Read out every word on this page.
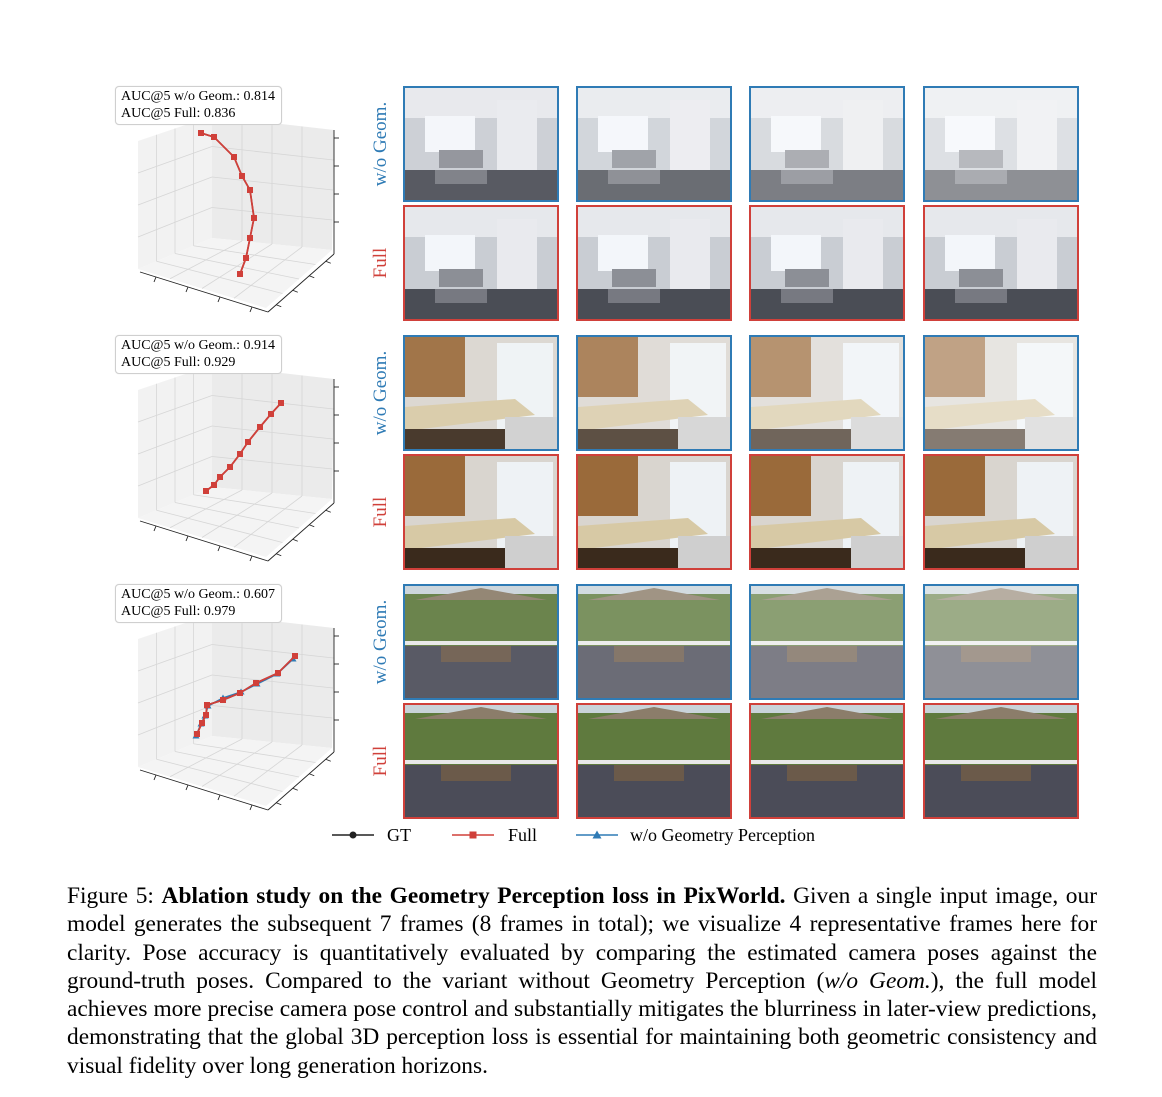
AUC@5 w/o Geom.: 0.814
AUC@5 Full: 0.836	w/o Geom.
Full
AUC@5 w/o Geom.: 0.914
AUC@5 Full: 0.929	w/o Geom.
Full
AUC@5 w/o Geom.: 0.607
AUC@5 Full: 0.979	w/o Geom.
Full
GT	Full	w/o Geometry Perception
Figure 5: Ablation study on the Geometry Perception loss in PixWorld. Given a single input image, our model generates the subsequent 7 frames (8 frames in total); we visualize 4 representative frames here for clarity. Pose accuracy is quantitatively evaluated by comparing the estimated camera poses against the ground-truth poses. Compared to the variant without Geometry Perception (w/o Geom.), the full model achieves more precise camera pose control and substantially mitigates the blurriness in later-view predictions, demonstrating that the global 3D perception loss is essential for maintaining both geometric consistency and visual fidelity over long generation horizons.
